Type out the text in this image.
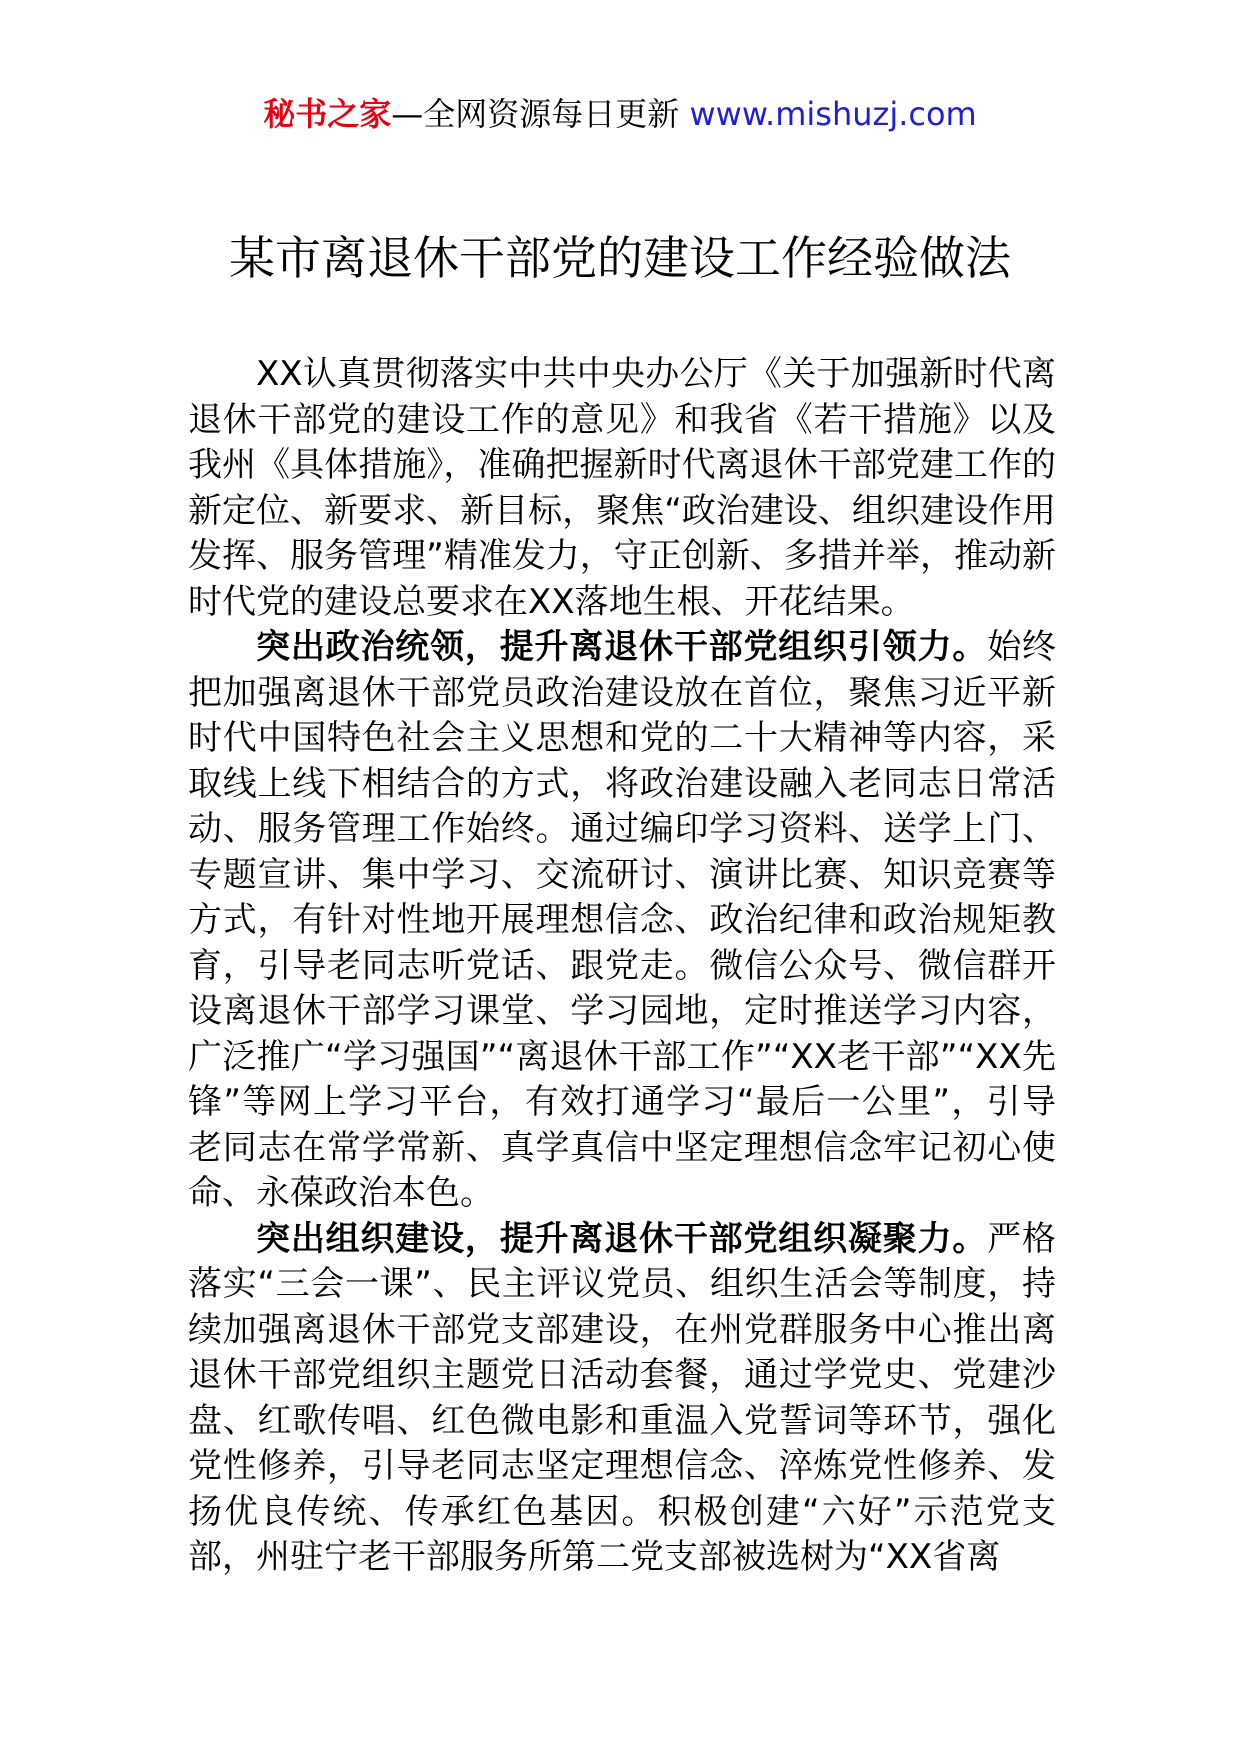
秘书之家—全网资源每日更新 www.mishuzj.com
某市离退休干部党的建设工作经验做法

XX认真贯彻落实中共中央办公厅《关于加强新时代离退休干部党的建设工作的意见》和我省《若干措施》以及我州《具体措施》，准确把握新时代离退休干部党建工作的新定位、新要求、新目标，聚焦“政治建设、组织建设作用发挥、服务管理”精准发力，守正创新、多措并举，推动新时代党的建设总要求在XX落地生根、开花结果。

突出政治统领，提升离退休干部党组织引领力。始终把加强离退休干部党员政治建设放在首位，聚焦习近平新时代中国特色社会主义思想和党的二十大精神等内容，采取线上线下相结合的方式，将政治建设融入老同志日常活动、服务管理工作始终。通过编印学习资料、送学上门、专题宣讲、集中学习、交流研讨、演讲比赛、知识竞赛等方式，有针对性地开展理想信念、政治纪律和政治规矩教育，引导老同志听党话、跟党走。微信公众号、微信群开设离退休干部学习课堂、学习园地，定时推送学习内容，广泛推广“学习强国”“离退休干部工作”“XX老干部”“XX先锋”等网上学习平台，有效打通学习“最后一公里”，引导老同志在常学常新、真学真信中坚定理想信念牢记初心使命、永葆政治本色。

突出组织建设，提升离退休干部党组织凝聚力。严格落实“三会一课”、民主评议党员、组织生活会等制度，持续加强离退休干部党支部建设，在州党群服务中心推出离退休干部党组织主题党日活动套餐，通过学党史、党建沙盘、红歌传唱、红色微电影和重温入党誓词等环节，强化党性修养，引导老同志坚定理想信念、淬炼党性修养、发扬优良传统、传承红色基因。积极创建“六好”示范党支部，州驻宁老干部服务所第二党支部被选树为“XX省离
